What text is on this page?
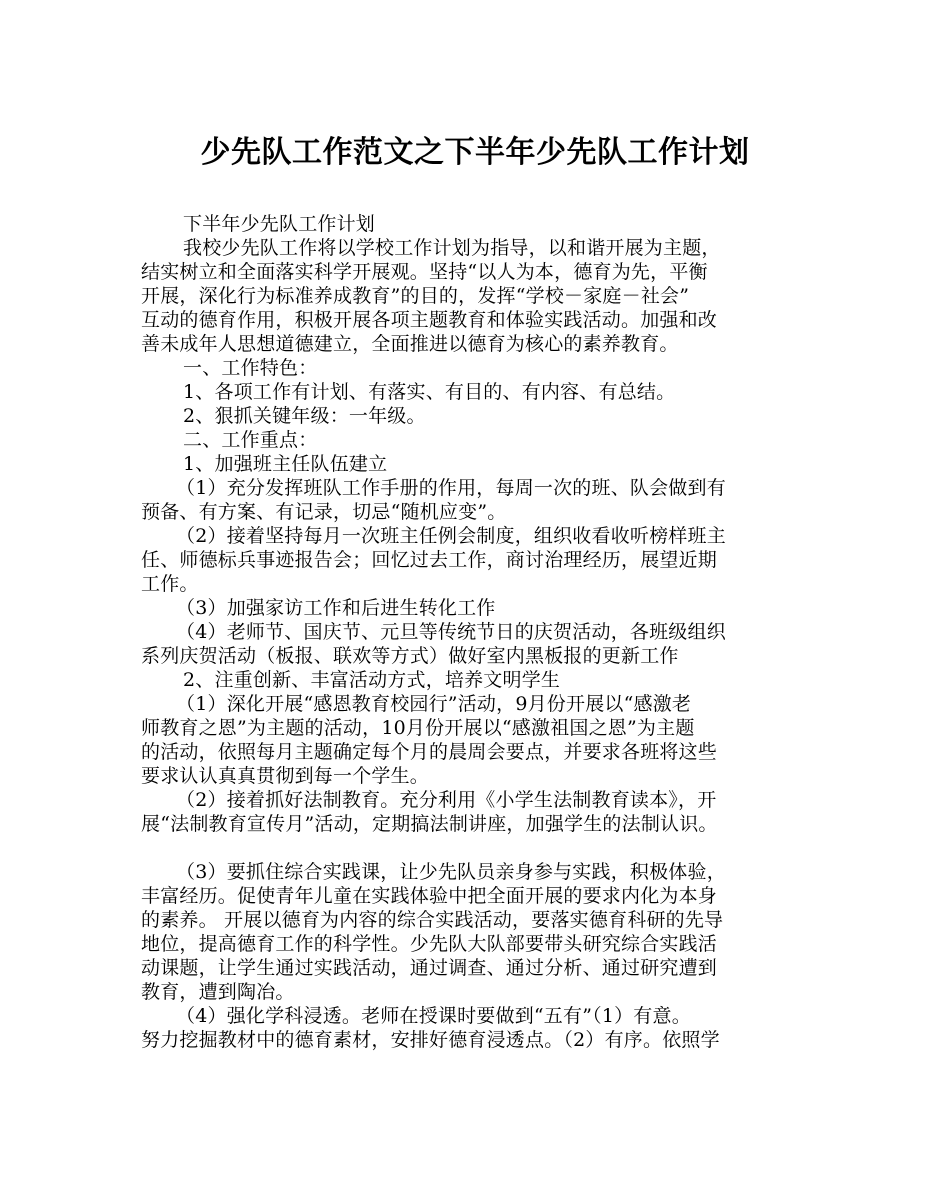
少先队工作范文之下半年少先队工作计划
下半年少先队工作计划
我校少先队工作将以学校工作计划为指导，以和谐开展为主题，
结实树立和全面落实科学开展观。坚持“以人为本，德育为先，平衡
开展，深化行为标准养成教育”的目的，发挥“学校－家庭－社会”
互动的德育作用，积极开展各项主题教育和体验实践活动。加强和改
善未成年人思想道德建立，全面推进以德育为核心的素养教育。
一、工作特色：
1、各项工作有计划、有落实、有目的、有内容、有总结。
2、狠抓关键年级：一年级。
二、工作重点：
1、加强班主任队伍建立
（1）充分发挥班队工作手册的作用，每周一次的班、队会做到有
预备、有方案、有记录，切忌“随机应变”。
（2）接着坚持每月一次班主任例会制度，组织收看收听榜样班主
任、师德标兵事迹报告会；回忆过去工作，商讨治理经历，展望近期
工作。
（3）加强家访工作和后进生转化工作
（4）老师节、国庆节、元旦等传统节日的庆贺活动，各班级组织
系列庆贺活动（板报、联欢等方式）做好室内黑板报的更新工作
2、注重创新、丰富活动方式，培养文明学生
（1）深化开展“感恩教育校园行”活动，9月份开展以“感激老
师教育之恩”为主题的活动，10月份开展以“感激祖国之恩”为主题
的活动，依照每月主题确定每个月的晨周会要点，并要求各班将这些
要求认认真真贯彻到每一个学生。
（2）接着抓好法制教育。充分利用《小学生法制教育读本》，开
展“法制教育宣传月”活动，定期搞法制讲座，加强学生的法制认识。
（3）要抓住综合实践课，让少先队员亲身参与实践，积极体验，
丰富经历。促使青年儿童在实践体验中把全面开展的要求内化为本身
的素养。 开展以德育为内容的综合实践活动，要落实德育科研的先导
地位，提高德育工作的科学性。少先队大队部要带头研究综合实践活
动课题，让学生通过实践活动，通过调查、通过分析、通过研究遭到
教育，遭到陶冶。
（4）强化学科浸透。老师在授课时要做到“五有”（1）有意。
努力挖掘教材中的德育素材，安排好德育浸透点。（2）有序。依照学
